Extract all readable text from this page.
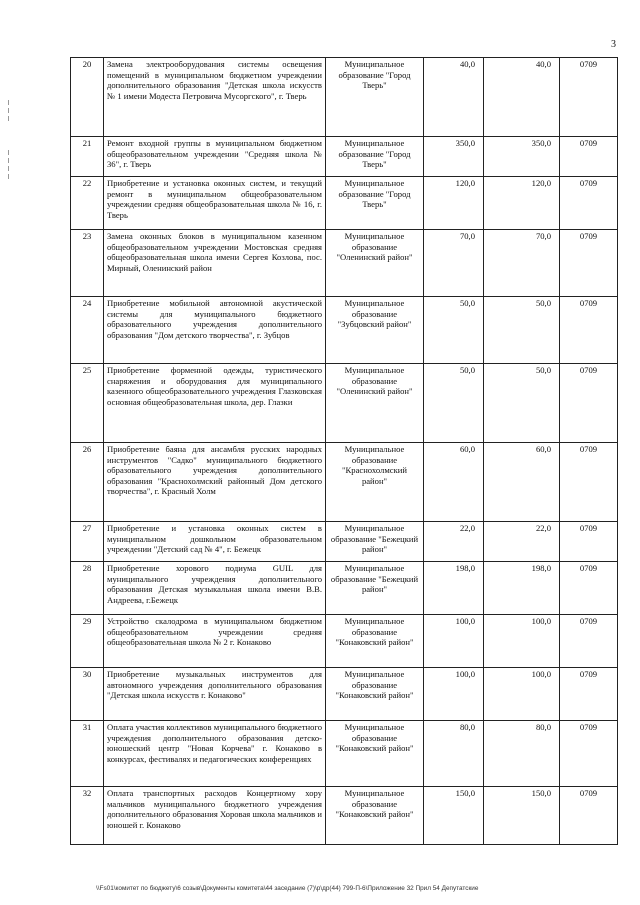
3
20	Замена электрооборудования системы освещения помещений в муниципальном бюджетном учреждении дополнительного образования "Детская школа искусств № 1 имени Модеста Петровича Мусоргского", г. Тверь	Муниципальное образование "Город Тверь"	40,0	40,0	0709
21	Ремонт входной группы в муниципальном бюджетном общеобразовательном учреждении "Средняя школа № 36", г. Тверь	Муниципальное образование "Город Тверь"	350,0	350,0	0709
22	Приобретение и установка оконных систем, и текущий ремонт в муниципальном общеобразовательном учреждении средняя общеобразовательная школа № 16, г. Тверь	Муниципальное образование "Город Тверь"	120,0	120,0	0709
23	Замена оконных блоков в муниципальном казенном общеобразовательном учреждении Мостовская средняя общеобразовательная школа имени Сергея Козлова, пос. Мирный, Оленинский район	Муниципальное образование "Оленинский район"	70,0	70,0	0709
24	Приобретение мобильной автономной акустической системы для муниципального бюджетного образовательного учреждения дополнительного образования "Дом детского творчества", г. Зубцов	Муниципальное образование "Зубцовский район"	50,0	50,0	0709
25	Приобретение форменной одежды, туристического снаряжения и оборудования для муниципального казенного общеобразовательного учреждения Глазковская основная общеобразовательная школа, дер. Глазки	Муниципальное образование "Оленинский район"	50,0	50,0	0709
26	Приобретение баяна для ансамбля русских народных инструментов "Садко" муниципального бюджетного образовательного учреждения дополнительного образования "Краснохолмский районный Дом детского творчества", г. Красный Холм	Муниципальное образование "Краснохолмский район"	60,0	60,0	0709
27	Приобретение и установка оконных систем в муниципальном дошкольном образовательном учреждении "Детский сад № 4", г. Бежецк	Муниципальное образование "Бежецкий район"	22,0	22,0	0709
28	Приобретение хорового подиума GUIL для муниципального учреждения дополнительного образования Детская музыкальная школа имени В.В. Андреева, г.Бежецк	Муниципальное образование "Бежецкий район"	198,0	198,0	0709
29	Устройство скалодрома в муниципальном бюджетном общеобразовательном учреждении средняя общеобразовательная школа № 2 г. Конаково	Муниципальное образование "Конаковский район"	100,0	100,0	0709
30	Приобретение музыкальных инструментов для автономного учреждения дополнительного образования "Детская школа искусств г. Конаково"	Муниципальное образование "Конаковский район"	100,0	100,0	0709
31	Оплата участия коллективов муниципального бюджетного учреждения дополнительного образования детско-юношеский центр "Новая Корчева" г. Конаково в конкурсах, фестивалях и педагогических конференциях	Муниципальное образование "Конаковский район"	80,0	80,0	0709
32	Оплата транспортных расходов Концертному хору мальчиков муниципального бюджетного учреждения дополнительного образования Хоровая школа мальчиков и юношей г. Конаково	Муниципальное образование "Конаковский район"	150,0	150,0	0709
\\Fs01\комитет по бюджету\6 созыв\Документы комитета\44 заседание (7)\р\др(44) 799-П-6\Приложение 32 Прил 54 Депутатские
